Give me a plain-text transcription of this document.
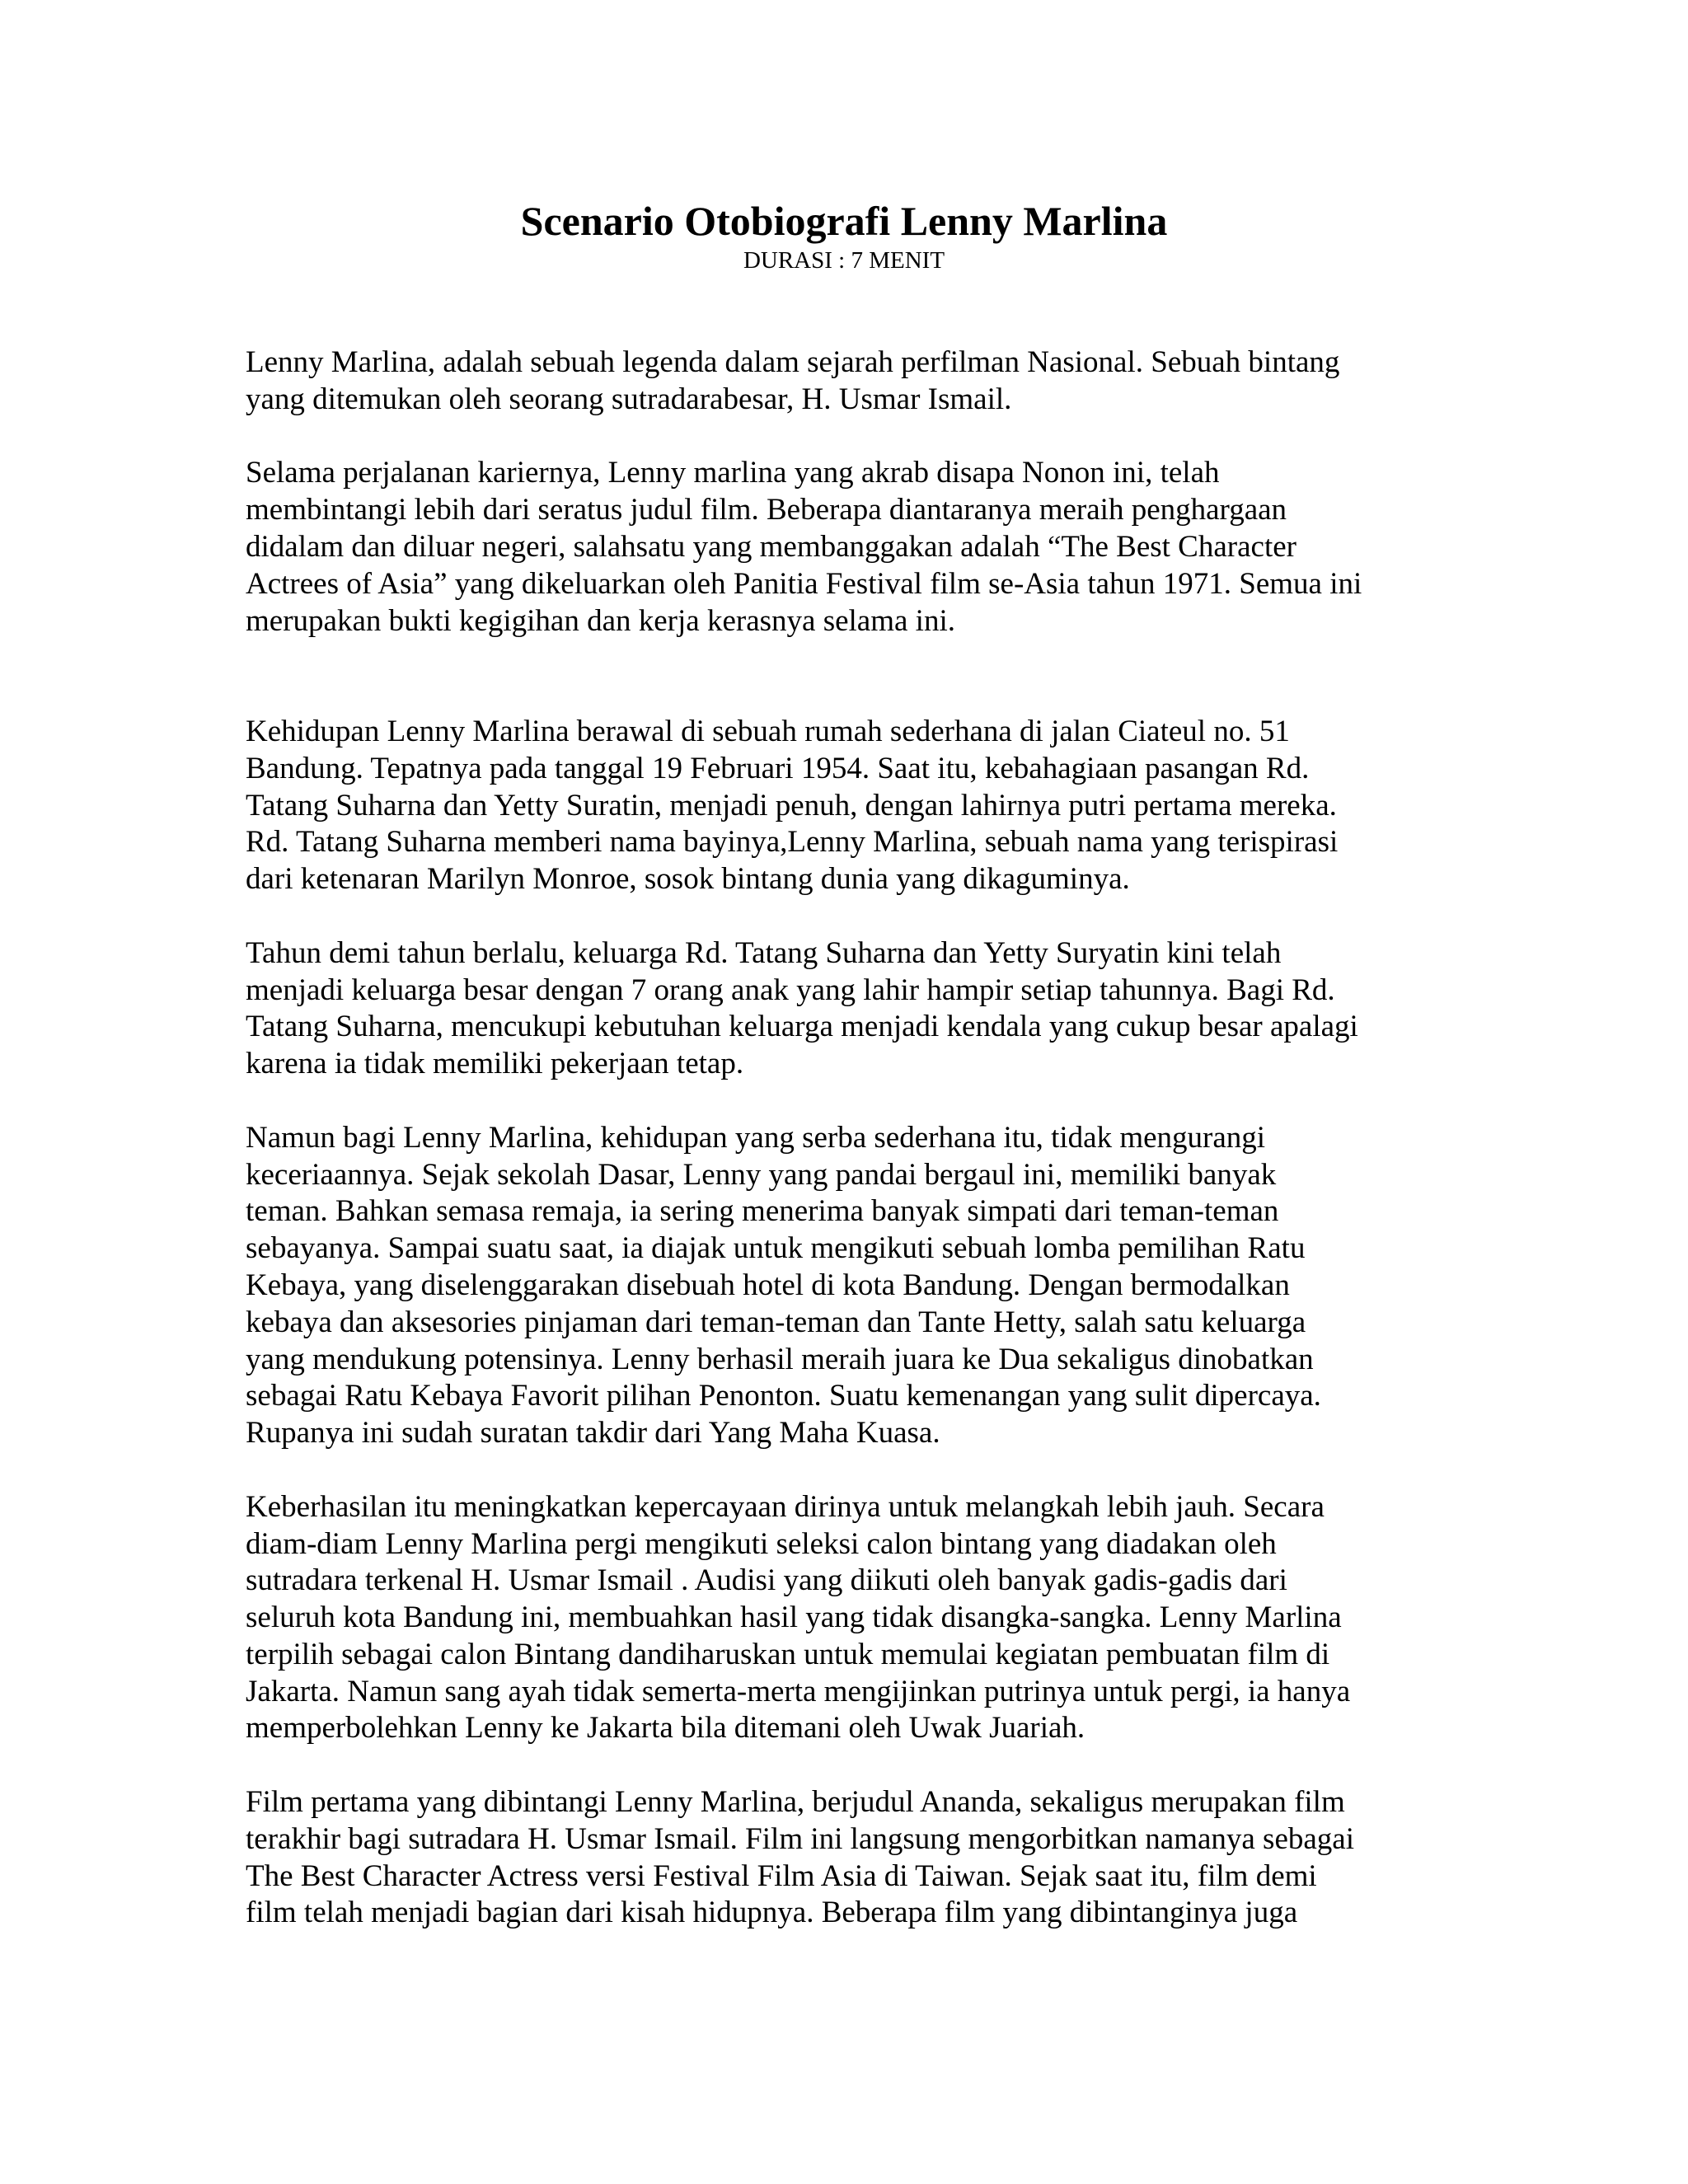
Scenario Otobiografi Lenny Marlina
DURASI : 7 MENIT

Lenny Marlina, adalah sebuah legenda dalam sejarah perfilman Nasional. Sebuah bintang
yang ditemukan oleh seorang sutradarabesar, H. Usmar Ismail.

Selama perjalanan kariernya, Lenny marlina yang akrab disapa Nonon ini, telah
membintangi lebih dari seratus judul film. Beberapa diantaranya meraih penghargaan
didalam dan diluar negeri, salahsatu yang membanggakan adalah “The Best Character
Actrees of Asia” yang dikeluarkan oleh Panitia Festival film se-Asia tahun 1971. Semua ini
merupakan bukti kegigihan dan kerja kerasnya selama ini.

Kehidupan Lenny Marlina berawal di sebuah rumah sederhana di jalan Ciateul no. 51
Bandung. Tepatnya pada tanggal 19 Februari 1954. Saat itu, kebahagiaan pasangan Rd.
Tatang Suharna dan Yetty Suratin, menjadi penuh, dengan lahirnya putri pertama mereka.
Rd. Tatang Suharna memberi nama bayinya,Lenny Marlina, sebuah nama yang terispirasi
dari ketenaran Marilyn Monroe, sosok bintang dunia yang dikaguminya.

Tahun demi tahun berlalu, keluarga Rd. Tatang Suharna dan Yetty Suryatin kini telah
menjadi keluarga besar dengan 7 orang anak yang lahir hampir setiap tahunnya. Bagi Rd.
Tatang Suharna, mencukupi kebutuhan keluarga menjadi kendala yang cukup besar apalagi
karena ia tidak memiliki pekerjaan tetap.

Namun bagi Lenny Marlina, kehidupan yang serba sederhana itu, tidak mengurangi
keceriaannya. Sejak sekolah Dasar, Lenny yang pandai bergaul ini, memiliki banyak
teman. Bahkan semasa remaja, ia sering menerima banyak simpati dari teman-teman
sebayanya. Sampai suatu saat, ia diajak untuk mengikuti sebuah lomba pemilihan Ratu
Kebaya, yang diselenggarakan disebuah hotel di kota Bandung. Dengan bermodalkan
kebaya dan aksesories pinjaman dari teman-teman dan Tante Hetty, salah satu keluarga
yang mendukung potensinya. Lenny berhasil meraih juara ke Dua sekaligus dinobatkan
sebagai Ratu Kebaya Favorit pilihan Penonton. Suatu kemenangan yang sulit dipercaya.
Rupanya ini sudah suratan takdir dari Yang Maha Kuasa.

Keberhasilan itu meningkatkan kepercayaan dirinya untuk melangkah lebih jauh. Secara
diam-diam Lenny Marlina pergi mengikuti seleksi calon bintang yang diadakan oleh
sutradara terkenal H. Usmar Ismail . Audisi yang diikuti oleh banyak gadis-gadis dari
seluruh kota Bandung ini, membuahkan hasil yang tidak disangka-sangka. Lenny Marlina
terpilih sebagai calon Bintang dandiharuskan untuk memulai kegiatan pembuatan film di
Jakarta. Namun sang ayah tidak semerta-merta mengijinkan putrinya untuk pergi, ia hanya
memperbolehkan Lenny ke Jakarta bila ditemani oleh Uwak Juariah.

Film pertama yang dibintangi Lenny Marlina, berjudul Ananda, sekaligus merupakan film
terakhir bagi sutradara H. Usmar Ismail. Film ini langsung mengorbitkan namanya sebagai
The Best Character Actress versi Festival Film Asia di Taiwan. Sejak saat itu, film demi
film telah menjadi bagian dari kisah hidupnya. Beberapa film yang dibintanginya juga
